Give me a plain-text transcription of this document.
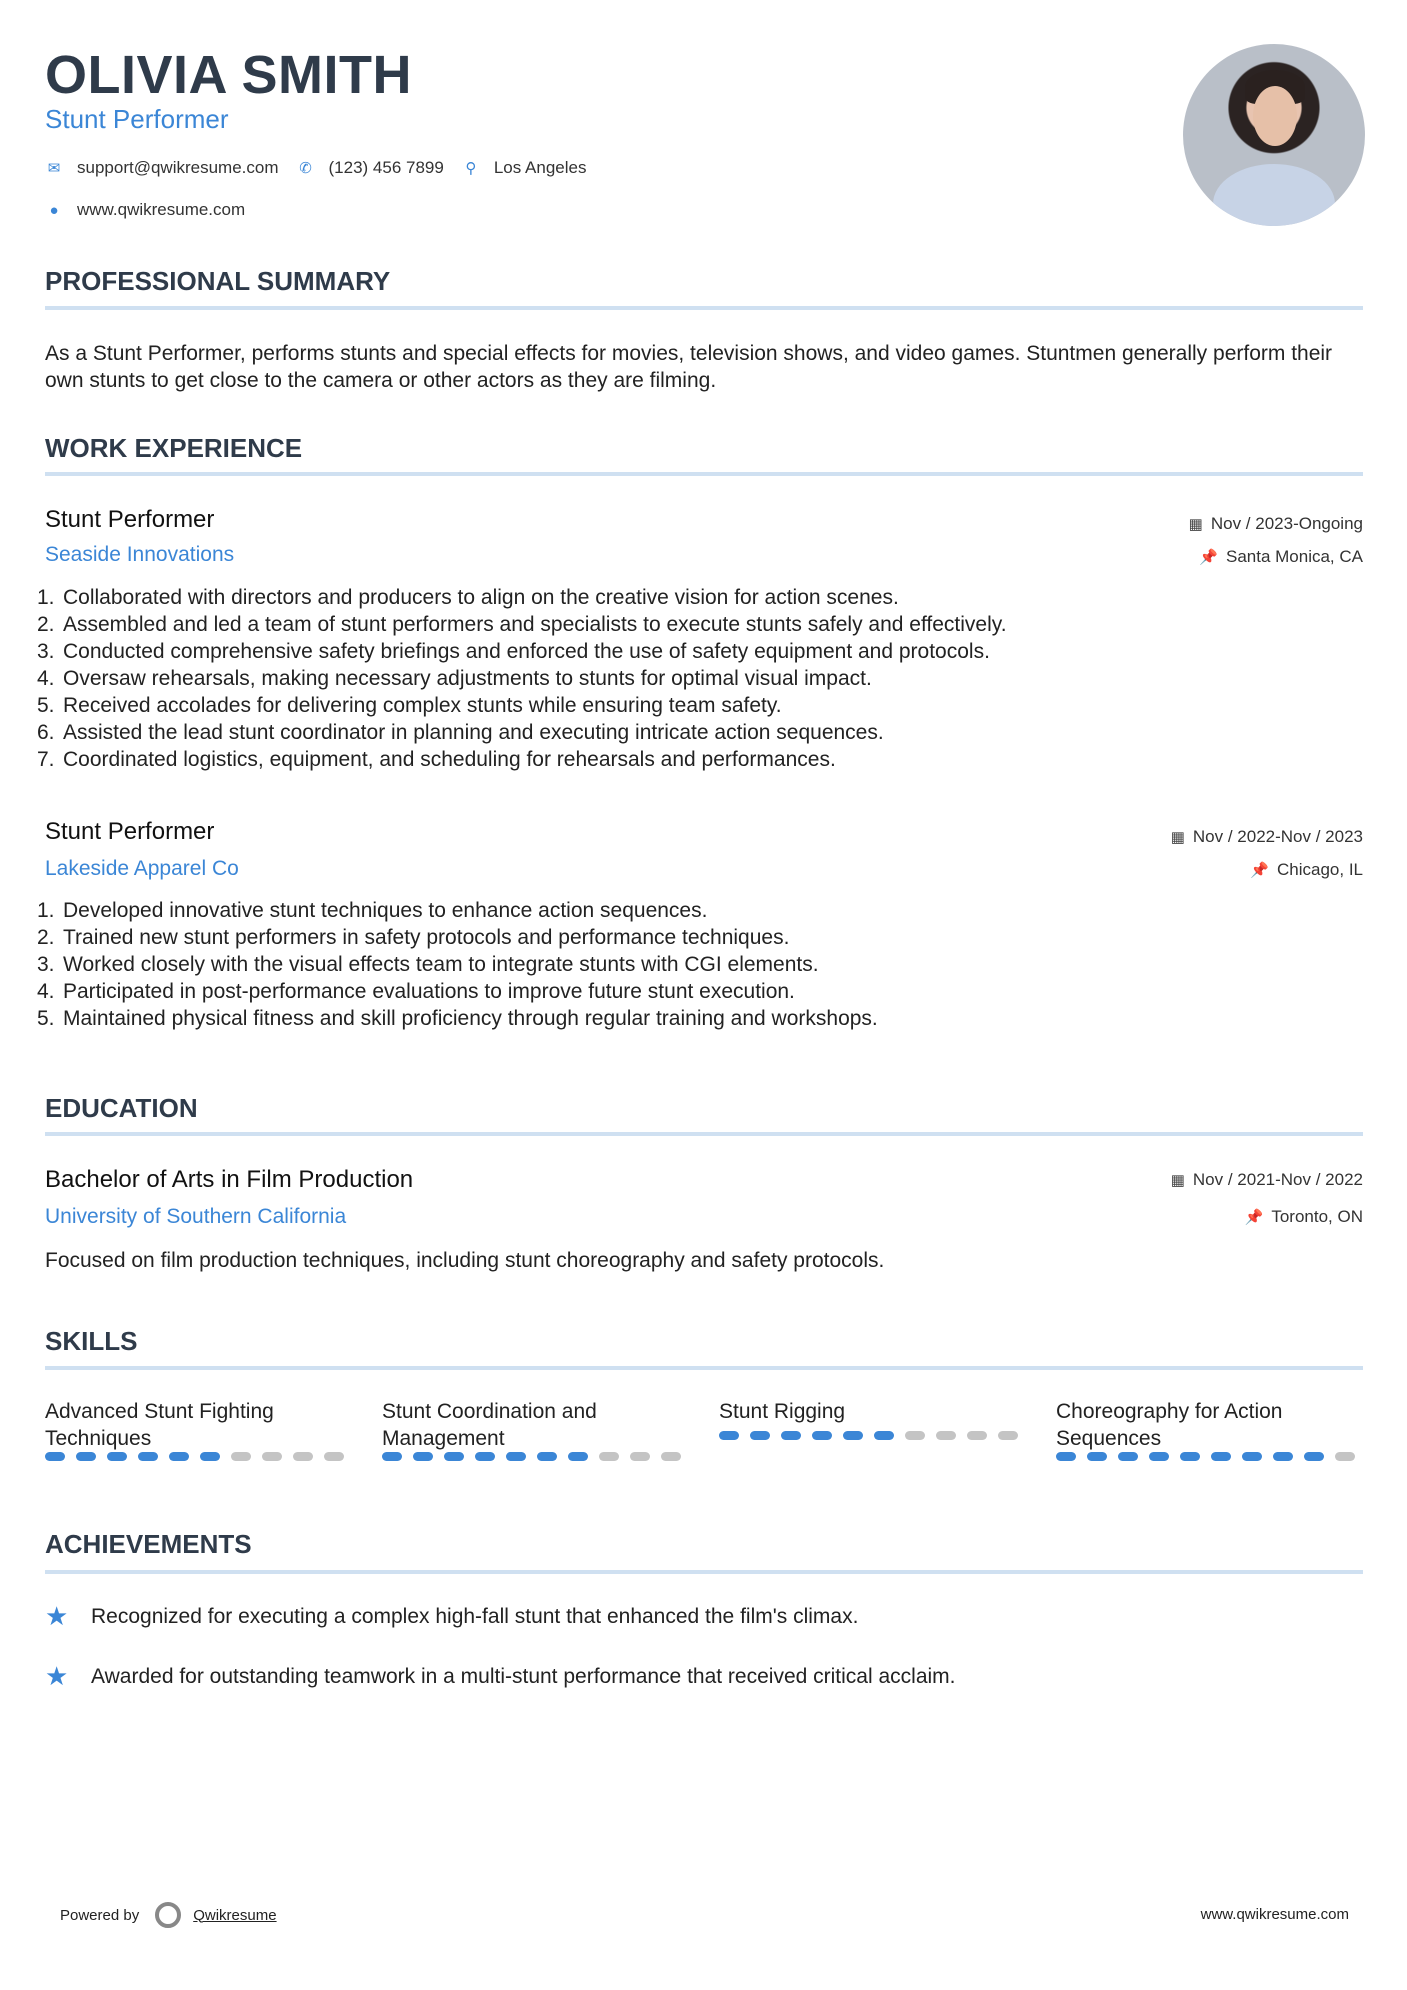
OLIVIA SMITH
Stunt Performer
✉ support@qwikresume.com ✆ (123) 456 7899 ⚲ Los Angeles
● www.qwikresume.com
PROFESSIONAL SUMMARY
As a Stunt Performer, performs stunts and special effects for movies, television shows, and video games. Stuntmen generally perform their own stunts to get close to the camera or other actors as they are filming.
WORK EXPERIENCE
Stunt Performer
Seaside Innovations
▦ Nov / 2023-Ongoing
📌 Santa Monica, CA
1. Collaborated with directors and producers to align on the creative vision for action scenes.
2. Assembled and led a team of stunt performers and specialists to execute stunts safely and effectively.
3. Conducted comprehensive safety briefings and enforced the use of safety equipment and protocols.
4. Oversaw rehearsals, making necessary adjustments to stunts for optimal visual impact.
5. Received accolades for delivering complex stunts while ensuring team safety.
6. Assisted the lead stunt coordinator in planning and executing intricate action sequences.
7. Coordinated logistics, equipment, and scheduling for rehearsals and performances.
Stunt Performer
Lakeside Apparel Co
▦ Nov / 2022-Nov / 2023
📌 Chicago, IL
1. Developed innovative stunt techniques to enhance action sequences.
2. Trained new stunt performers in safety protocols and performance techniques.
3. Worked closely with the visual effects team to integrate stunts with CGI elements.
4. Participated in post-performance evaluations to improve future stunt execution.
5. Maintained physical fitness and skill proficiency through regular training and workshops.
EDUCATION
Bachelor of Arts in Film Production
University of Southern California
▦ Nov / 2021-Nov / 2022
📌 Toronto, ON
Focused on film production techniques, including stunt choreography and safety protocols.
SKILLS
Advanced Stunt Fighting Techniques
Stunt Coordination and Management
Stunt Rigging	Choreography for Action Sequences
ACHIEVEMENTS
★	Recognized for executing a complex high-fall stunt that enhanced the film's climax.
★	Awarded for outstanding teamwork in a multi-stunt performance that received critical acclaim.
Powered by	Qwikresume	www.qwikresume.com
